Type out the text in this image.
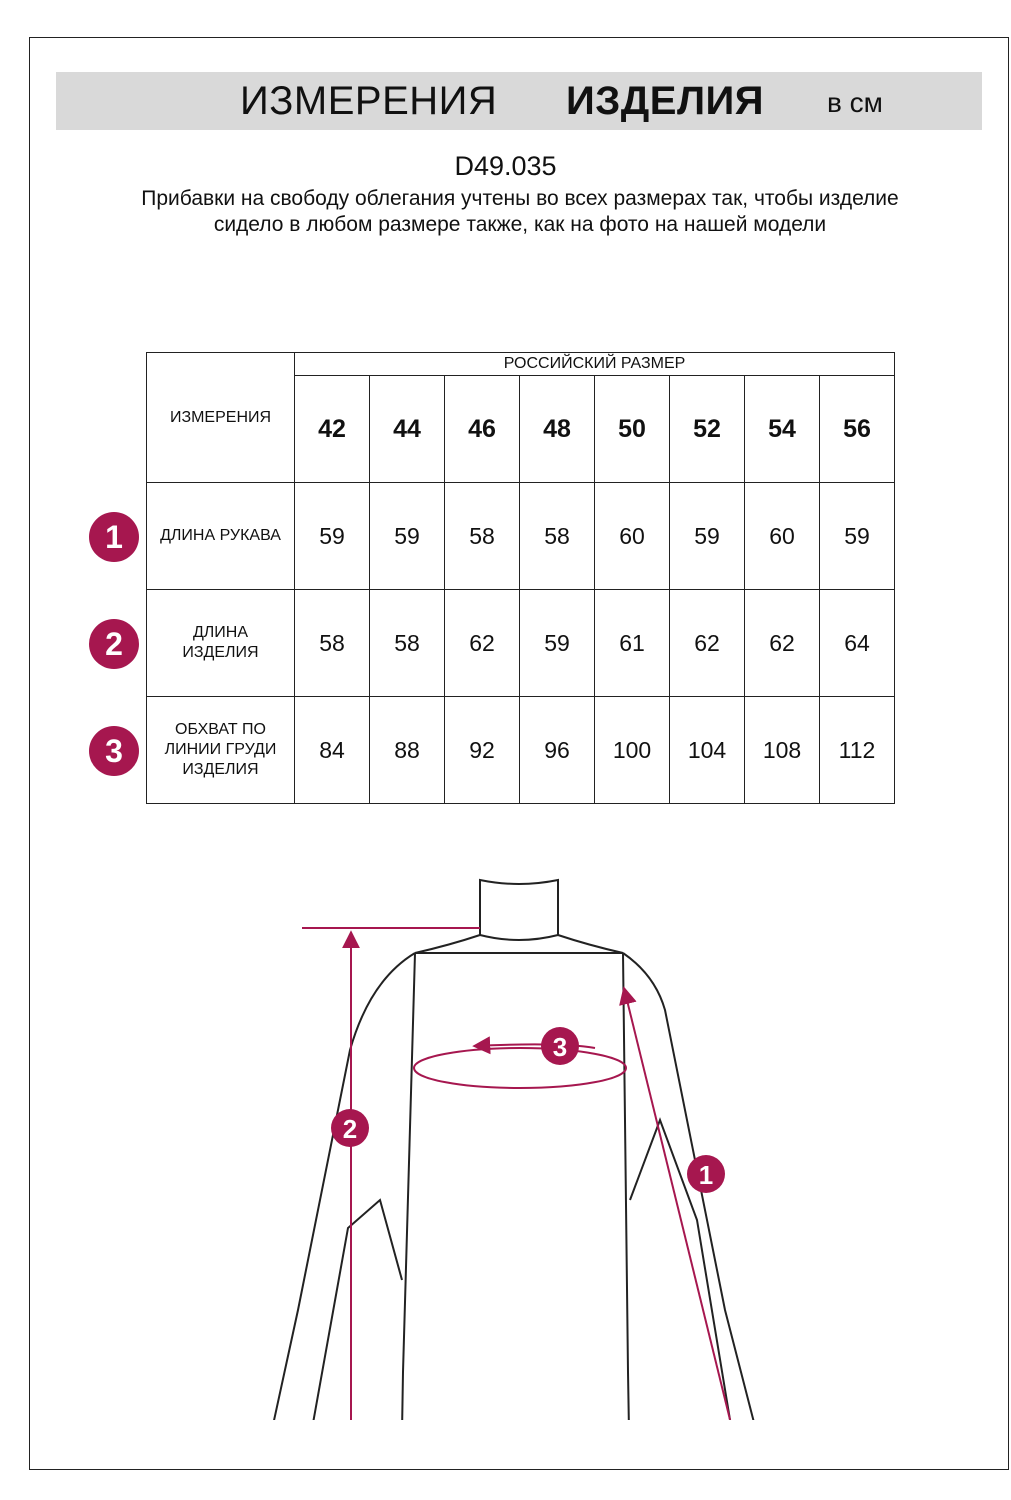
ИЗМЕРЕНИЯ ИЗДЕЛИЯ в см
D49.035
Прибавки на свободу облегания учтены во всех размерах так, чтобы изделие сидело в любом размере также, как на фото на нашей модели
ИЗМЕРЕНИЯ	РОССИЙСКИЙ РАЗМЕР							
	42	44	46	48	50	52	54	56
ДЛИНА РУКАВА	59	59	58	58	60	59	60	59
ДЛИНА ИЗДЕЛИЯ	58	58	62	59	61	62	62	64
ОБХВАТ ПО ЛИНИИ ГРУДИ ИЗДЕЛИЯ	84	88	92	96	100	104	108	112
1
2
3
3
2
1
